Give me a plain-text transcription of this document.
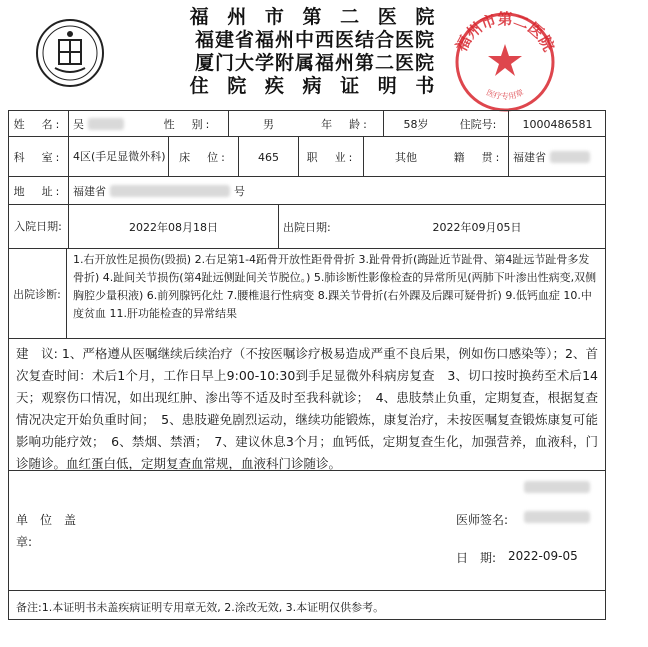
福 州 市 第 二 医 院
福建省福州中西医结合医院
厦门大学附属福州第二医院
住 院 疾 病 证 明 书
福州市第二医院
医疗专用章
姓　名: 吴	性　别:	男	年　龄:	58岁	住院号: 1000486581
科　室: 4区(手足显微外科) 床　位:	465	职　业:	其他	籍　贯: 福建省
地　址: 福建省	号
入院日期:	2022年08月18日	出院日期:	2022年09月05日
出院诊断:
1.右开放性足损伤(毁损) 2.右足第1-4跖骨开放性距骨骨折 3.趾骨骨折(踇趾近节趾骨、第4趾远节趾骨多发骨折) 4.趾间关节损伤(第4趾远侧趾间关节脱位。) 5.肺诊断性影像检查的异常所见(两肺下叶渗出性病变,双侧胸腔少量积液) 6.前列腺钙化灶 7.腰椎退行性病变 8.踝关节骨折(右外踝及后踝可疑骨折) 9.低钙血症 10.中度贫血 11.肝功能检查的异常结果
建　议: 1、严格遵从医嘱继续后续治疗（不按医嘱诊疗极易造成严重不良后果，例如伤口感染等）；2、首次复查时间：术后1个月，工作日早上9:00-10:30到手足显微外科病房复查　3、切口按时换药至术后14天；观察伤口情况，如出现红肿、渗出等不适及时至我科就诊；　4、患肢禁止负重，定期复查，根据复查情况决定开始负重时间；　5、患肢避免剧烈运动，继续功能锻炼，康复治疗，未按医嘱复查锻炼康复可能影响功能疗效；　6、禁烟、禁酒；　7、建议休息3个月；血钙低，定期复查生化，加强营养，血液科，门诊随诊。血红蛋白低，定期复查血常规，血液科门诊随诊。
单　位　盖
章:
医师签名:
日　期: 2022-09-05
备注:1.本证明书未盖疾病证明专用章无效, 2.涂改无效, 3.本证明仅供参考。
